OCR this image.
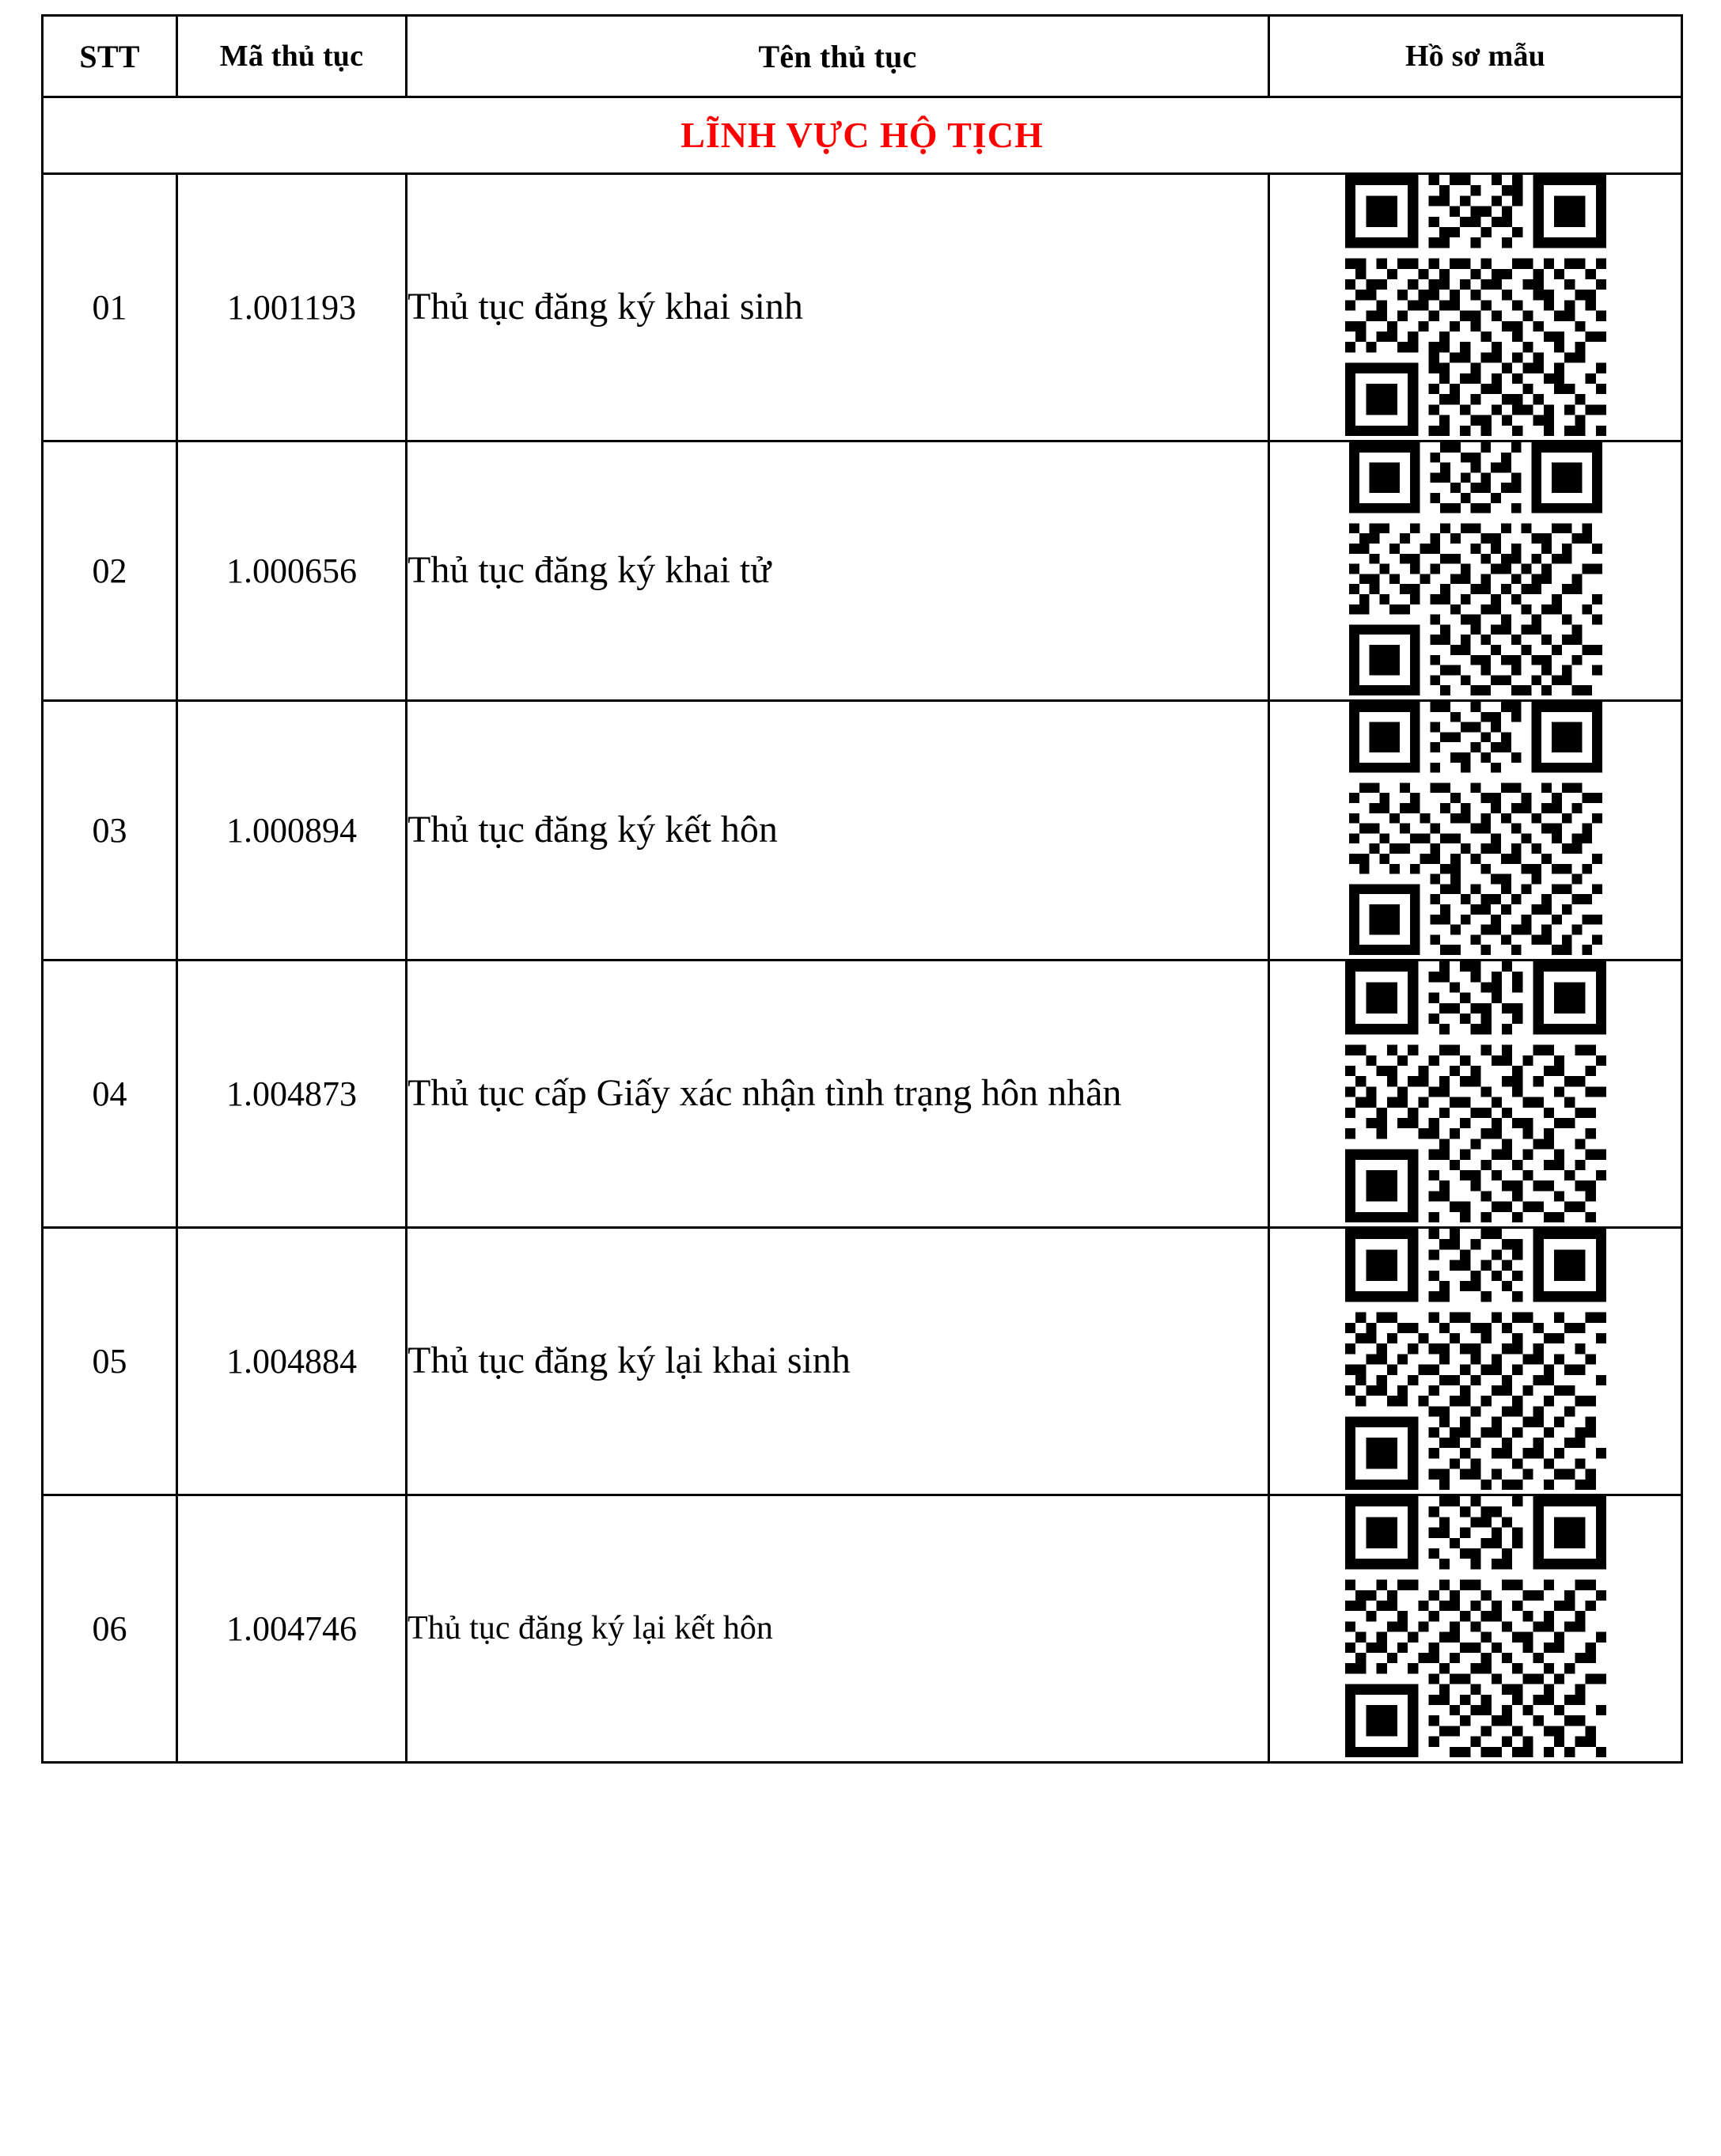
STT	Mã thủ tục	Tên thủ tục	Hồ sơ mẫu
LĨNH VỰC HỘ TỊCH			
01	1.001193	Thủ tục đăng ký khai sinh	

02	1.000656	Thủ tục đăng ký khai tử	

03	1.000894	Thủ tục đăng ký kết hôn	

04	1.004873	Thủ tục cấp Giấy xác nhận tình trạng hôn nhân	

05	1.004884	Thủ tục đăng ký lại khai sinh	

06	1.004746	Thủ tục đăng ký lại kết hôn	
